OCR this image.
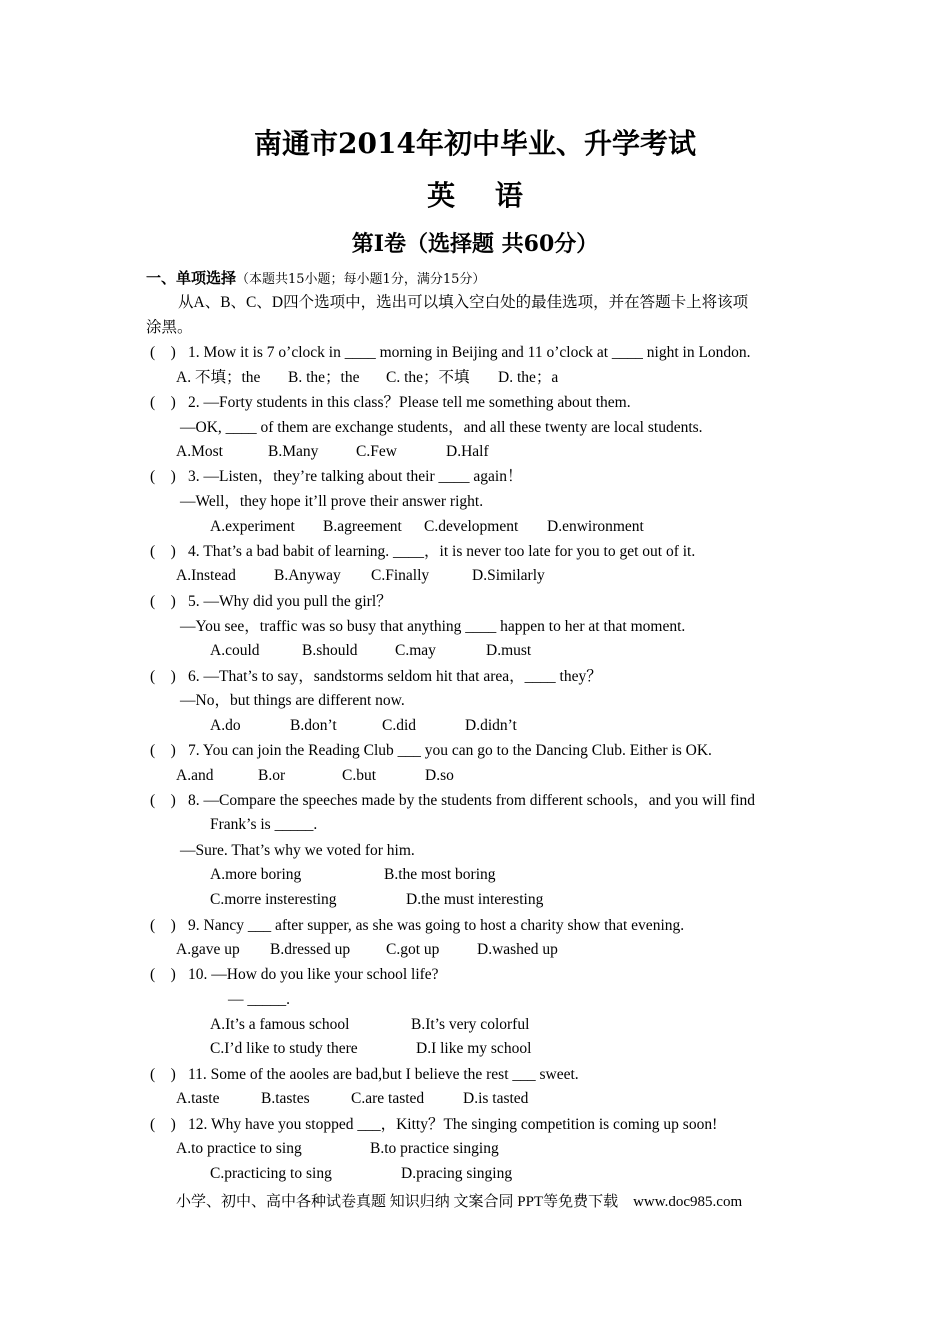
南通市2014年初中毕业、升学考试
英 语
第Ⅰ卷（选择题 共60分）
一、单项选择（本题共15小题；每小题1分，满分15分）
从A、B、C、D四个选项中，选出可以填入空白处的最佳选项，并在答题卡上将该项
涂黑。
(　) 1. Mow it is 7 o’clock in ____ morning in Beijing and 11 o’clock at ____ night in London.
A. 不填；the B. the；the C. the；不填 D. the；a
(　) 2. —Forty students in this class？Please tell me something about them.
—OK, ____ of them are exchange students，and all these twenty are local students.
A.Most	B.Many C.Few	D.Half
(　) 3. —Listen，they’re talking about their ____ again！
—Well，they hope it’ll prove their answer right.
A.experiment B.agreement C.development D.enwironment
(　) 4. That’s a bad babit of learning. ____，it is never too late for you to get out of it.
A.Instead B.Anyway C.Finally	D.Similarly
(　) 5. —Why did you pull the girl？
—You see，traffic was so busy that anything ____ happen to her at that moment.
A.could	B.should C.may	D.must
(　) 6. —That’s to say，sandstorms seldom hit that area，____ they？
—No，but things are different now.
A.do	B.don’t	C.did	D.didn’t
(　) 7. You can join the Reading Club ___ you can go to the Dancing Club. Either is OK.
A.and	B.or	C.but	D.so
(　) 8. —Compare the speeches made by the students from different schools，and you will find
Frank’s is _____.
—Sure. That’s why we voted for him.
A.more boring	B.the most boring
C.morre insteresting	D.the must interesting
(　) 9. Nancy ___ after supper, as she was going to host a charity show that evening.
A.gave up B.dressed up C.got up D.washed up
(　) 10. —How do you like your school life?
— _____.
A.It’s a famous school	B.It’s very colorful
C.I’d like to study there	D.I like my school
(　) 11. Some of the aooles are bad,but I believe the rest ___ sweet.
A.taste	B.tastes	C.are tasted	D.is tasted
(　) 12. Why have you stopped ___，Kitty？The singing competition is coming up soon!
A.to practice to sing	B.to practice singing
C.practicing to sing	D.pracing singing
小学、初中、高中各种试卷真题 知识归纳 文案合同 PPT等免费下载　www.doc985.com
